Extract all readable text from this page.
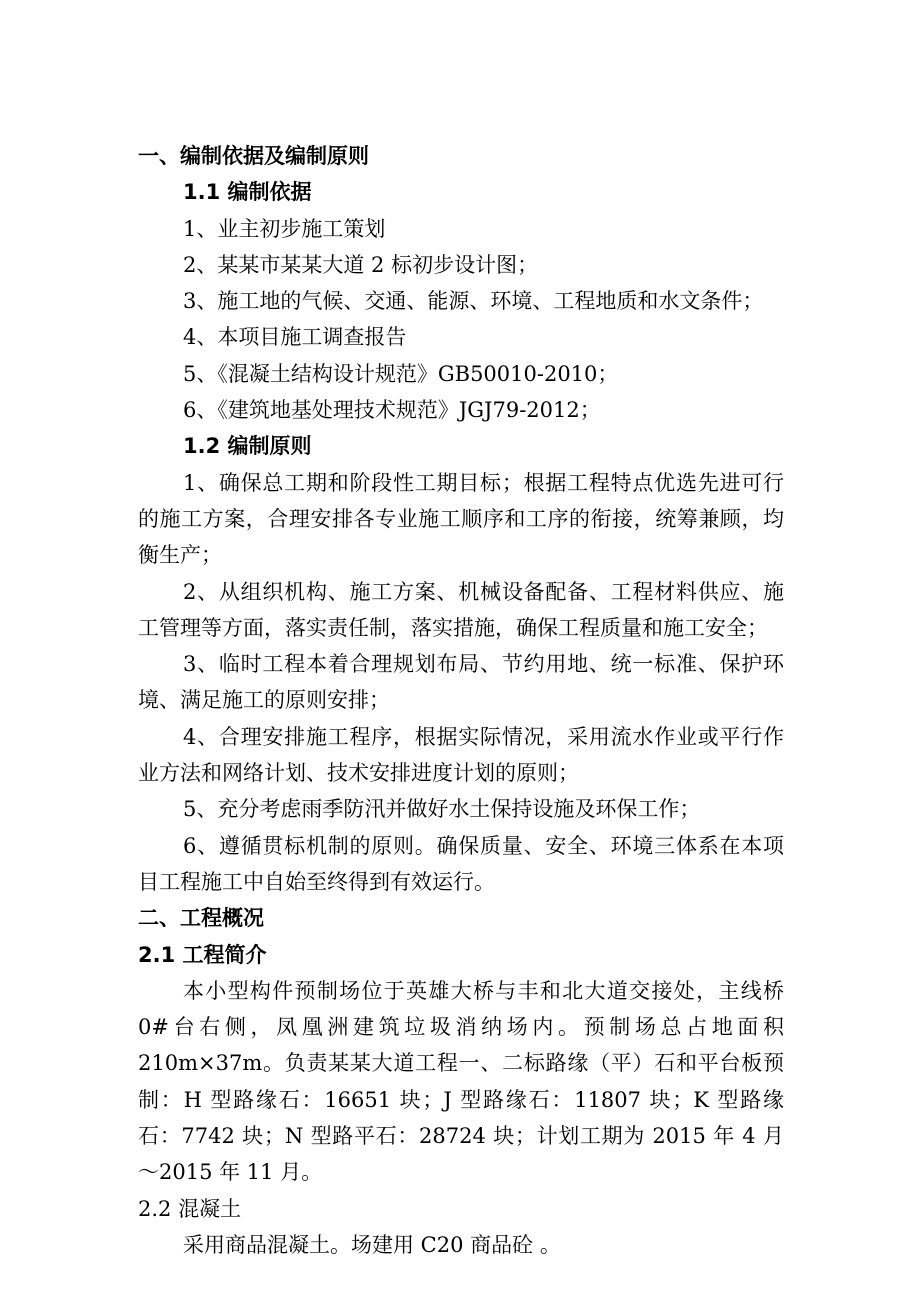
一、编制依据及编制原则

1.1 编制依据

1、业主初步施工策划

2、某某市某某大道 2 标初步设计图；

3、施工地的气候、交通、能源、环境、工程地质和水文条件；

4、本项目施工调查报告

5、《混凝土结构设计规范》GB50010-2010；

6、《建筑地基处理技术规范》JGJ79-2012；

1.2 编制原则

1、确保总工期和阶段性工期目标；根据工程特点优选先进可行的施工方案，合理安排各专业施工顺序和工序的衔接，统筹兼顾，均衡生产；

2、从组织机构、施工方案、机械设备配备、工程材料供应、施工管理等方面，落实责任制，落实措施，确保工程质量和施工安全；

3、临时工程本着合理规划布局、节约用地、统一标准、保护环境、满足施工的原则安排；

4、合理安排施工程序，根据实际情况，采用流水作业或平行作业方法和网络计划、技术安排进度计划的原则；

5、充分考虑雨季防汛并做好水土保持设施及环保工作；

6、遵循贯标机制的原则。确保质量、安全、环境三体系在本项目工程施工中自始至终得到有效运行。

二、工程概况

2.1 工程简介

本小型构件预制场位于英雄大桥与丰和北大道交接处，主线桥 0#台右侧，凤凰洲建筑垃圾消纳场内。预制场总占地面积 210m×37m。负责某某大道工程一、二标路缘（平）石和平台板预制：H 型路缘石：16651 块；J 型路缘石：11807 块；K 型路缘石：7742 块；N 型路平石：28724 块；计划工期为 2015 年 4 月～2015 年 11 月。

2.2 混凝土

采用商品混凝土。场建用 C20 商品砼 。
